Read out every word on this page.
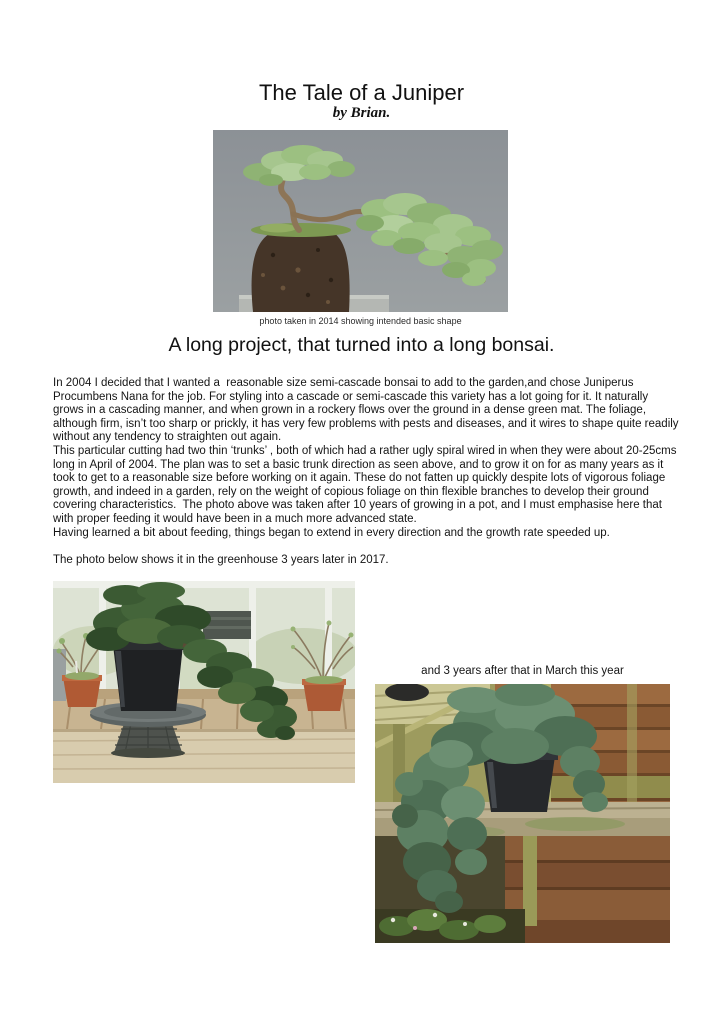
The Tale of a Juniper
by Brian.
photo taken in 2014 showing intended basic shape
A long project, that turned into a long bonsai.

In 2004 I decided that I wanted a  reasonable size semi-cascade bonsai to add to the garden,and chose Juniperus Procumbens Nana for the job. For styling into a cascade or semi-cascade this variety has a lot going for it. It naturally grows in a cascading manner, and when grown in a rockery flows over the ground in a dense green mat. The foliage, although firm, isn’t too sharp or prickly, it has very few problems with pests and diseases, and it wires to shape quite readily without any tendency to straighten out again.

This particular cutting had two thin ‘trunks’ , both of which had a rather ugly spiral wired in when they were about 20-25cms long in April of 2004. The plan was to set a basic trunk direction as seen above, and to grow it on for as many years as it took to get to a reasonable size before working on it again. These do not fatten up quickly despite lots of vigorous foliage growth, and indeed in a garden, rely on the weight of copious foliage on thin flexible branches to develop their ground covering characteristics.  The photo above was taken after 10 years of growing in a pot, and I must emphasise here that with proper feeding it would have been in a much more advanced state.

Having learned a bit about feeding, things began to extend in every direction and the growth rate speeded up.

The photo below shows it in the greenhouse 3 years later in 2017.

and 3 years after that in March this year
